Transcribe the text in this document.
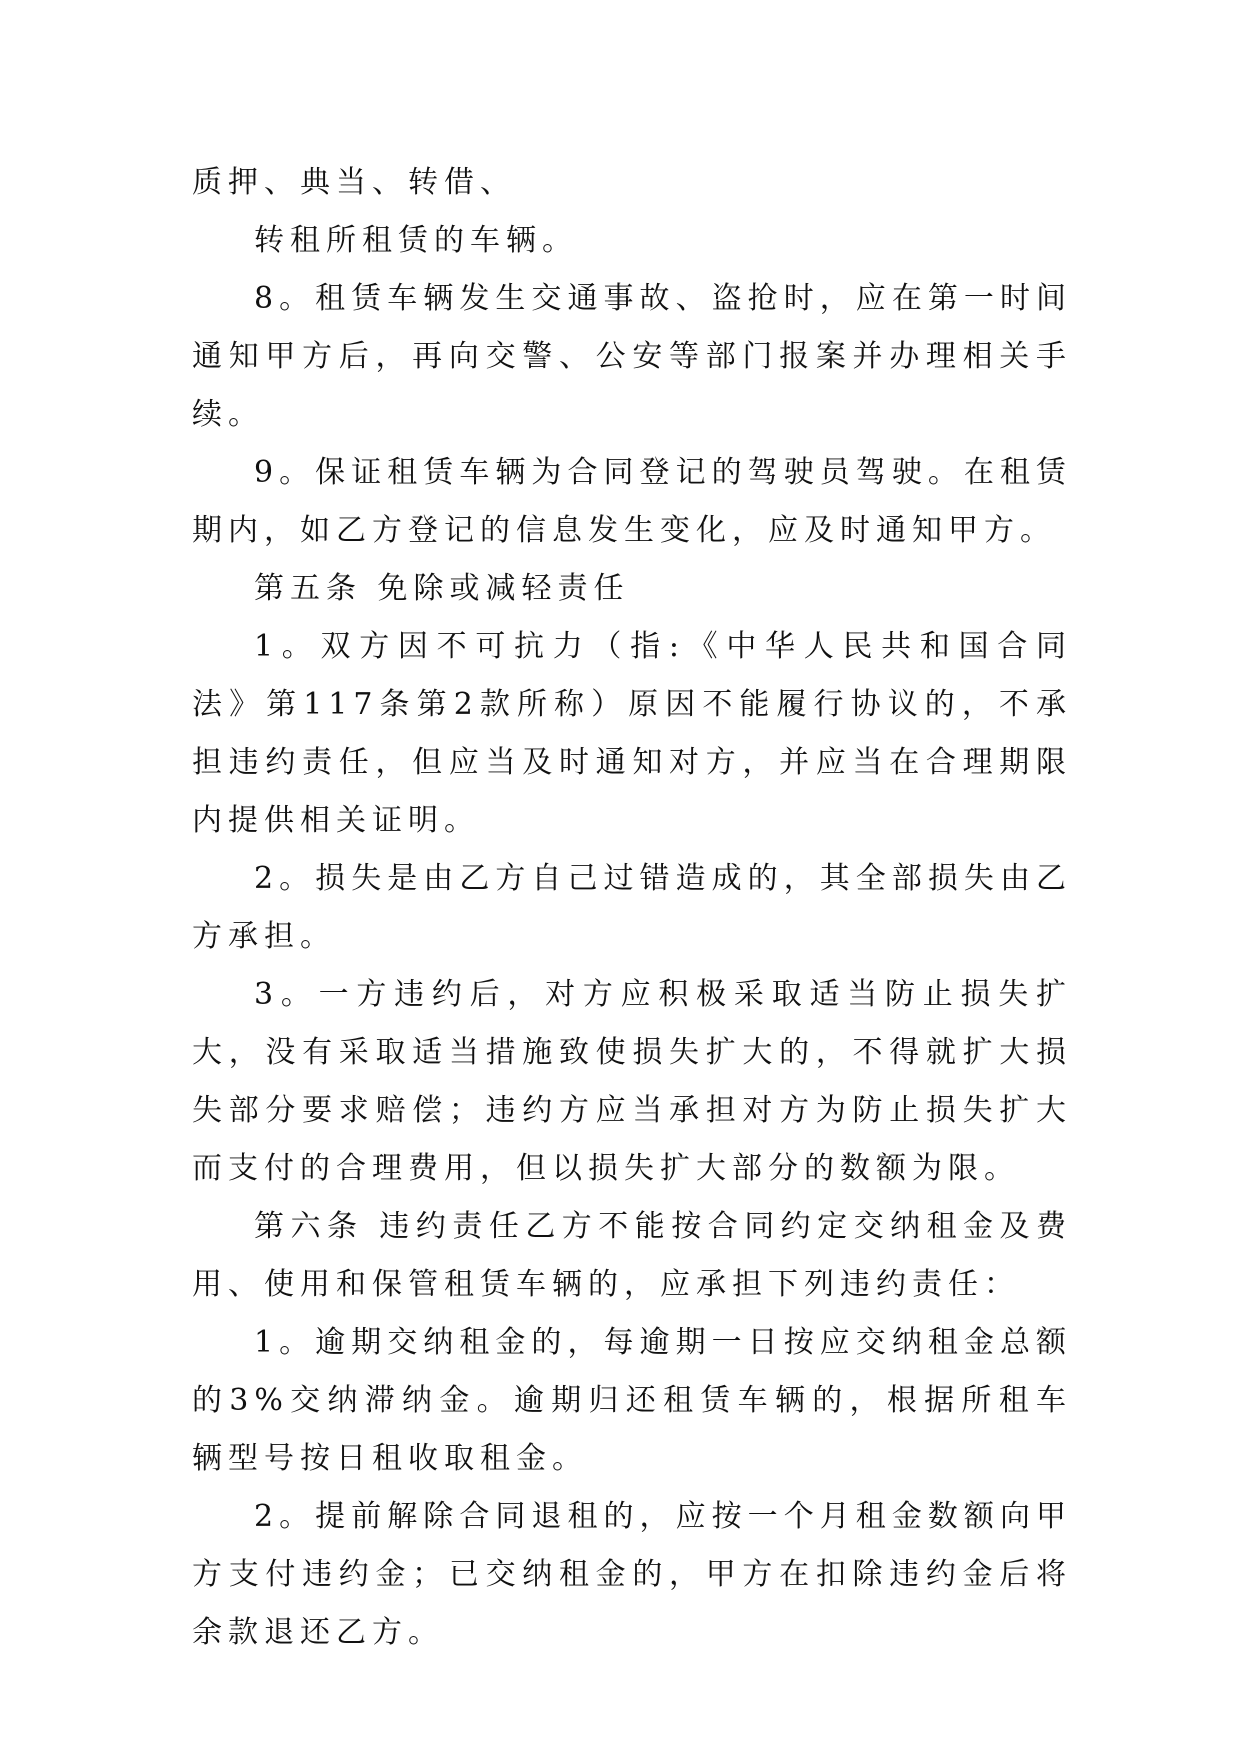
质押、典当、转借、

转租所租赁的车辆。

8。租赁车辆发生交通事故、盗抢时，应在第一时间通知甲方后，再向交警、公安等部门报案并办理相关手续。

9。保证租赁车辆为合同登记的驾驶员驾驶。在租赁期内，如乙方登记的信息发生变化，应及时通知甲方。

第五条 免除或减轻责任

1。双方因不可抗力（指:《中华人民共和国合同法》第117条第2款所称）原因不能履行协议的，不承担违约责任，但应当及时通知对方，并应当在合理期限内提供相关证明。

2。损失是由乙方自己过错造成的，其全部损失由乙方承担。

3。一方违约后，对方应积极采取适当防止损失扩大，没有采取适当措施致使损失扩大的，不得就扩大损失部分要求赔偿；违约方应当承担对方为防止损失扩大而支付的合理费用，但以损失扩大部分的数额为限。

第六条 违约责任乙方不能按合同约定交纳租金及费用、使用和保管租赁车辆的，应承担下列违约责任：

1。逾期交纳租金的，每逾期一日按应交纳租金总额的3%交纳滞纳金。逾期归还租赁车辆的，根据所租车辆型号按日租收取租金。

2。提前解除合同退租的，应按一个月租金数额向甲方支付违约金；已交纳租金的，甲方在扣除违约金后将余款退还乙方。
